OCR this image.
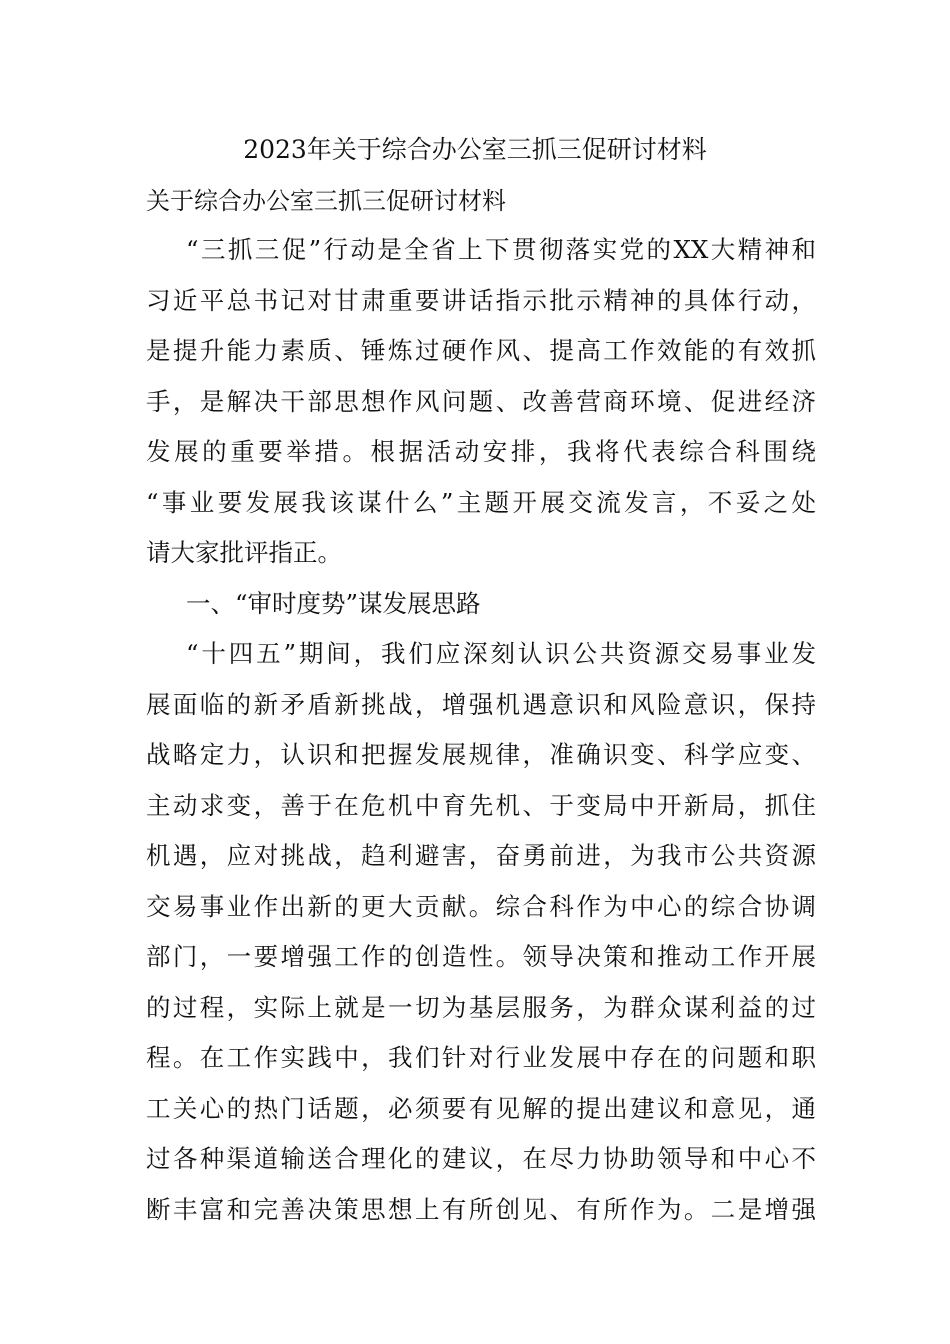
2023年关于综合办公室三抓三促研讨材料
关于综合办公室三抓三促研讨材料
“三抓三促”行动是全省上下贯彻落实党的XX大精神和
习近平总书记对甘肃重要讲话指示批示精神的具体行动，
是提升能力素质、锤炼过硬作风、提高工作效能的有效抓
手，是解决干部思想作风问题、改善营商环境、促进经济
发展的重要举措。根据活动安排，我将代表综合科围绕
“事业要发展我该谋什么”主题开展交流发言，不妥之处
请大家批评指正。
一、“审时度势”谋发展思路
“十四五”期间，我们应深刻认识公共资源交易事业发
展面临的新矛盾新挑战，增强机遇意识和风险意识，保持
战略定力，认识和把握发展规律，准确识变、科学应变、
主动求变，善于在危机中育先机、于变局中开新局，抓住
机遇，应对挑战，趋利避害，奋勇前进，为我市公共资源
交易事业作出新的更大贡献。综合科作为中心的综合协调
部门，一要增强工作的创造性。领导决策和推动工作开展
的过程，实际上就是一切为基层服务，为群众谋利益的过
程。在工作实践中，我们针对行业发展中存在的问题和职
工关心的热门话题，必须要有见解的提出建议和意见，通
过各种渠道输送合理化的建议，在尽力协助领导和中心不
断丰富和完善决策思想上有所创见、有所作为。二是增强
